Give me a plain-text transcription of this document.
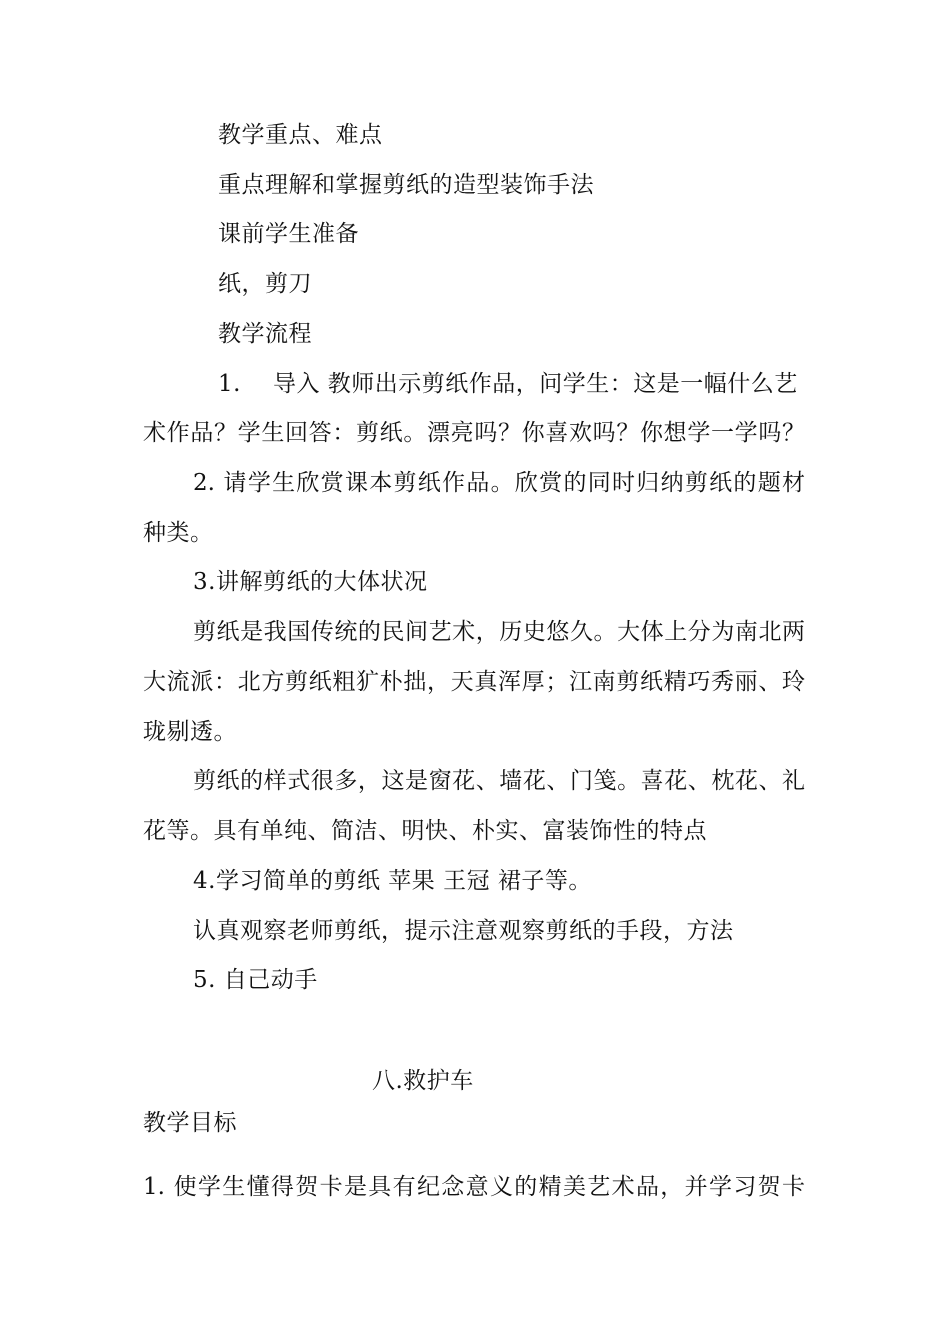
教学重点、难点
重点理解和掌握剪纸的造型装饰手法
课前学生准备
纸，剪刀
教学流程
1. 导入 教师出示剪纸作品，问学生：这是一幅什么艺
术作品？学生回答：剪纸。漂亮吗？你喜欢吗？你想学一学吗？
2. 请学生欣赏课本剪纸作品。欣赏的同时归纳剪纸的题材
种类。
3.讲解剪纸的大体状况
剪纸是我国传统的民间艺术，历史悠久。大体上分为南北两
大流派：北方剪纸粗犷朴拙，天真浑厚；江南剪纸精巧秀丽、玲
珑剔透。
剪纸的样式很多，这是窗花、墙花、门笺。喜花、枕花、礼
花等。具有单纯、简洁、明快、朴实、富装饰性的特点
4.学习简单的剪纸 苹果 王冠 裙子等。
认真观察老师剪纸，提示注意观察剪纸的手段，方法
5. 自己动手
八.救护车
教学目标
1. 使学生懂得贺卡是具有纪念意义的精美艺术品，并学习贺卡
